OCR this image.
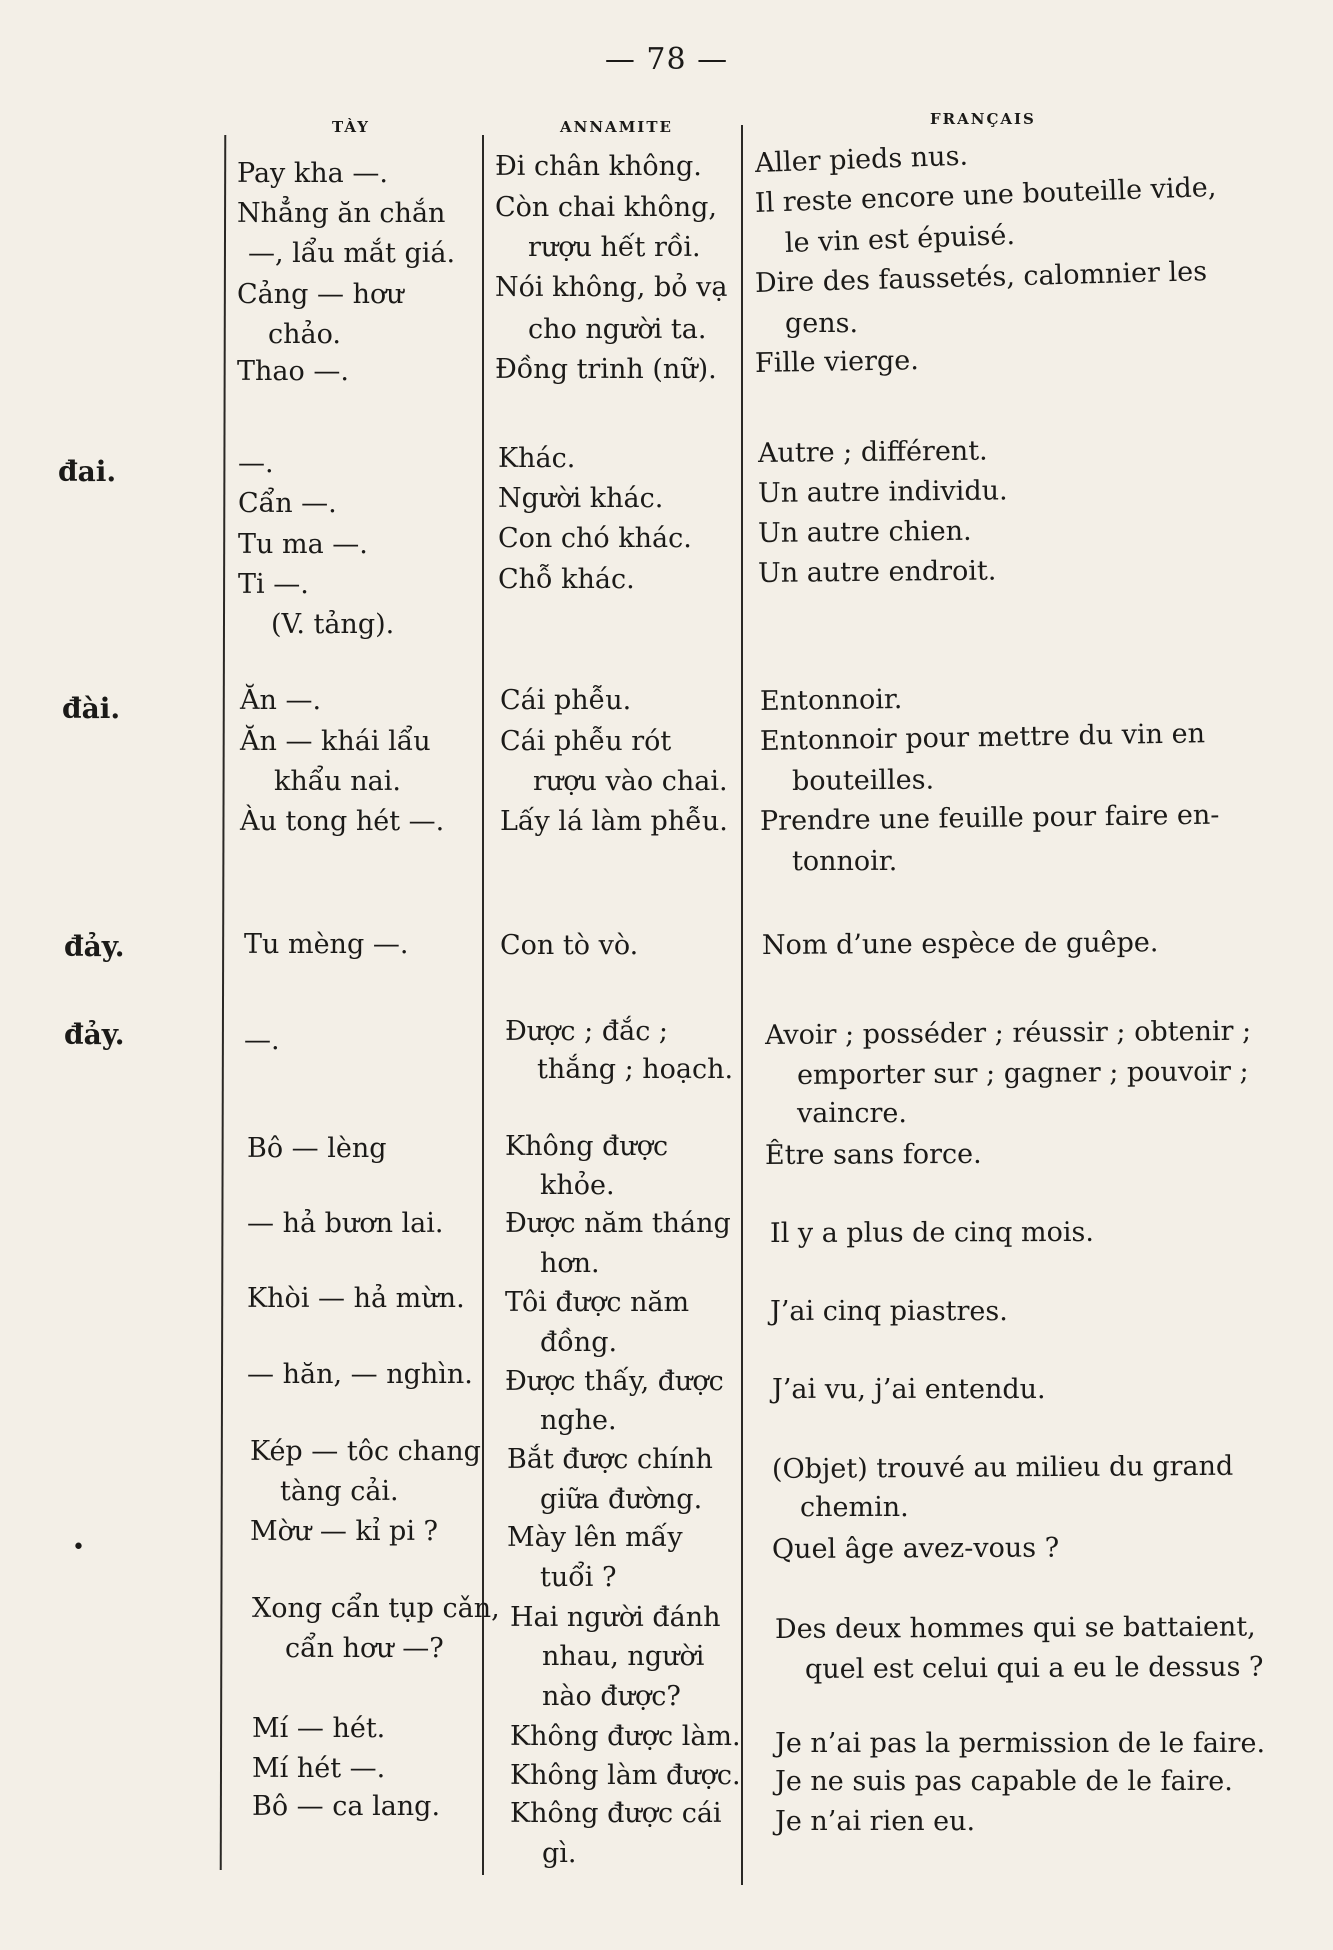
— 78 —
TÀY	ANNAMITE	FRANÇAIS
đai.
đài.
đảy.
đảy.
Pay kha —.
Nhẳng ăn chắn
—, lẩu mắt giá.
Cảng — hơư
chảo.
Thao —.
—.
Cẩn —.
Tu ma —.
Ti —.
(V. tảng).
Ăn —.
Ăn — khái lẩu
khẩu nai.
Àu tong hét —.
Tu mèng —.
—.
Bô — lèng
— hả bươn lai.
Khòi — hả mừn.
— hăn, — nghìn.
Kép — tôc chang
tàng cải.
Mờư — kỉ pi ?
Xong cẩn tụp cǎn,
cẩn hơư —?
Mí — hét.
Mí hét —.
Bô — ca lang.
Đi chân không.
Còn chai không,
rượu hết rồi.
Nói không, bỏ vạ
cho người ta.
Đồng trinh (nữ).
Khác.
Người khác.
Con chó khác.
Chỗ khác.
Cái phễu.
Cái phễu rót
rượu vào chai.
Lấy lá làm phễu.
Con tò vò.
Được ; đắc ;
thắng ; hoạch.
Không được
khỏe.
Được năm tháng
hơn.
Tôi được năm
đồng.
Được thấy, được
nghe.
Bắt được chính
giữa đường.
Mày lên mấy
tuổi ?
Hai người đánh
nhau, người
nào được?
Không được làm.
Không làm được.
Không được cái
gì.
Aller pieds nus.
Il reste encore une bouteille vide,
le vin est épuisé.
Dire des faussetés, calomnier les
gens.
Fille vierge.
Autre ; différent.
Un autre individu.
Un autre chien.
Un autre endroit.
Entonnoir.
Entonnoir pour mettre du vin en
bouteilles.
Prendre une feuille pour faire en-
tonnoir.
Nom d’une espèce de guêpe.
Avoir ; posséder ; réussir ; obtenir ;
emporter sur ; gagner ; pouvoir ;
vaincre.
Être sans force.
Il y a plus de cinq mois.
J’ai cinq piastres.
J’ai vu, j’ai entendu.
(Objet) trouvé au milieu du grand
chemin.
Quel âge avez-vous ?
Des deux hommes qui se battaient,
quel est celui qui a eu le dessus ?
Je n’ai pas la permission de le faire.
Je ne suis pas capable de le faire.
Je n’ai rien eu.
•
